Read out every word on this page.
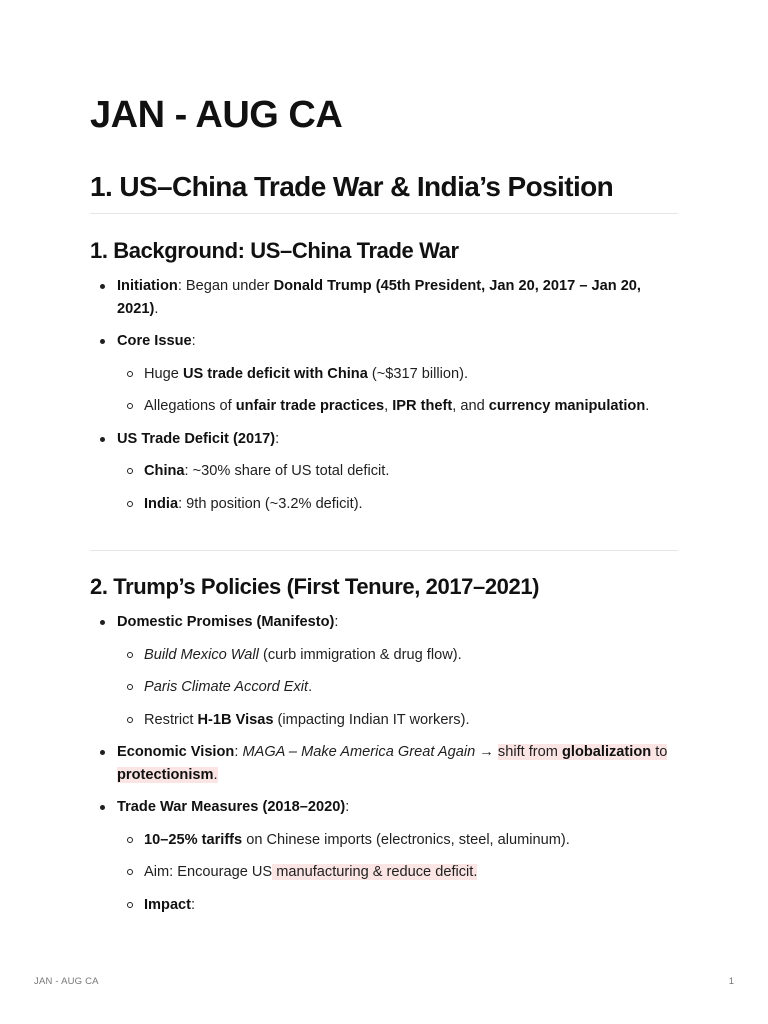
JAN - AUG CA
1. US–China Trade War & India’s Position
1. Background: US–China Trade War
Initiation: Began under Donald Trump (45th President, Jan 20, 2017 – Jan 20, 2021).
Core Issue:
Huge US trade deficit with China (~$317 billion).
Allegations of unfair trade practices, IPR theft, and currency manipulation.
US Trade Deficit (2017):
China: ~30% share of US total deficit.
India: 9th position (~3.2% deficit).
2. Trump’s Policies (First Tenure, 2017–2021)
Domestic Promises (Manifesto):
Build Mexico Wall (curb immigration & drug flow).
Paris Climate Accord Exit.
Restrict H-1B Visas (impacting Indian IT workers).
Economic Vision: MAGA – Make America Great Again → shift from globalization to protectionism.
Trade War Measures (2018–2020):
10–25% tariffs on Chinese imports (electronics, steel, aluminum).
Aim: Encourage US manufacturing & reduce deficit.
Impact:
JAN - AUG CA	1
